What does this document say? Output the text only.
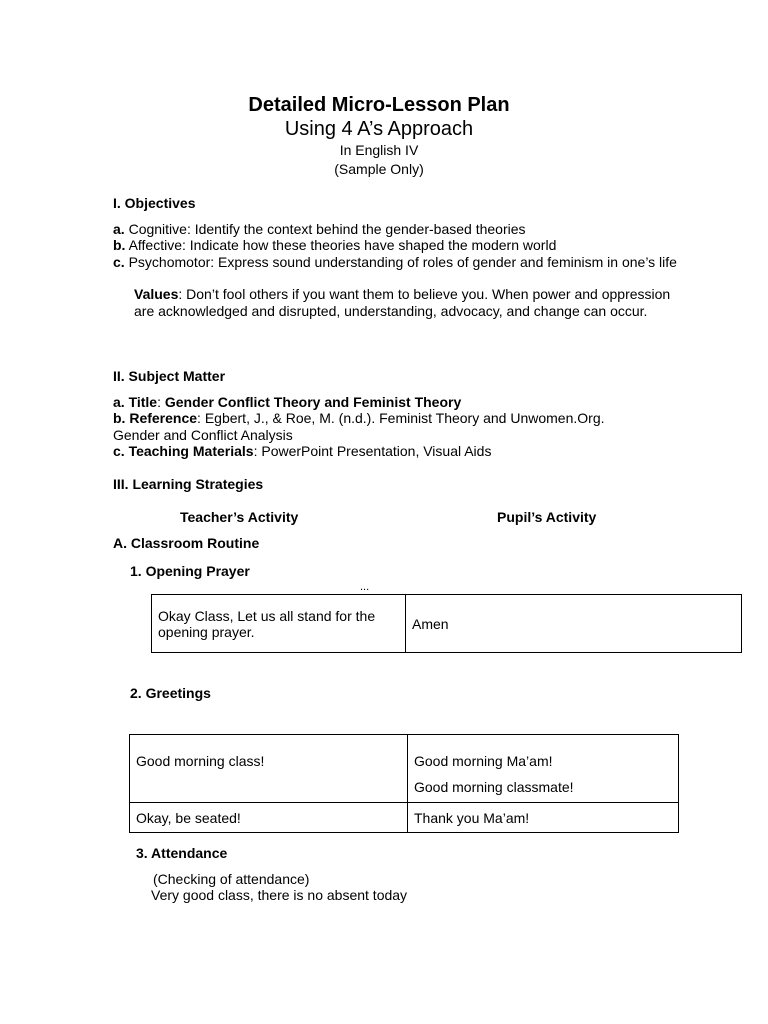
Detailed Micro-Lesson Plan
Using 4 A’s Approach
In English IV
(Sample Only)
I. Objectives
a. Cognitive: Identify the context behind the gender-based theories
b. Affective: Indicate how these theories have shaped the modern world
c. Psychomotor: Express sound understanding of roles of gender and feminism in one’s life
Values: Don’t fool others if you want them to believe you. When power and oppression
are acknowledged and disrupted, understanding, advocacy, and change can occur.
II. Subject Matter
a. Title: Gender Conflict Theory and Feminist Theory
b. Reference: Egbert, J., & Roe, M. (n.d.). Feminist Theory and Unwomen.Org.
Gender and Conflict Analysis
c. Teaching Materials: PowerPoint Presentation, Visual Aids
III. Learning Strategies
Teacher’s Activity	Pupil’s Activity
A. Classroom Routine
1. Opening Prayer
...

Okay Class, Let us all stand for the

opening prayer.	Amen
2. Greetings
Good morning class!	Good morning Ma’am!
Good morning classmate!

Okay, be seated!	Thank you Ma’am!
3. Attendance
(Checking of attendance)
Very good class, there is no absent today
